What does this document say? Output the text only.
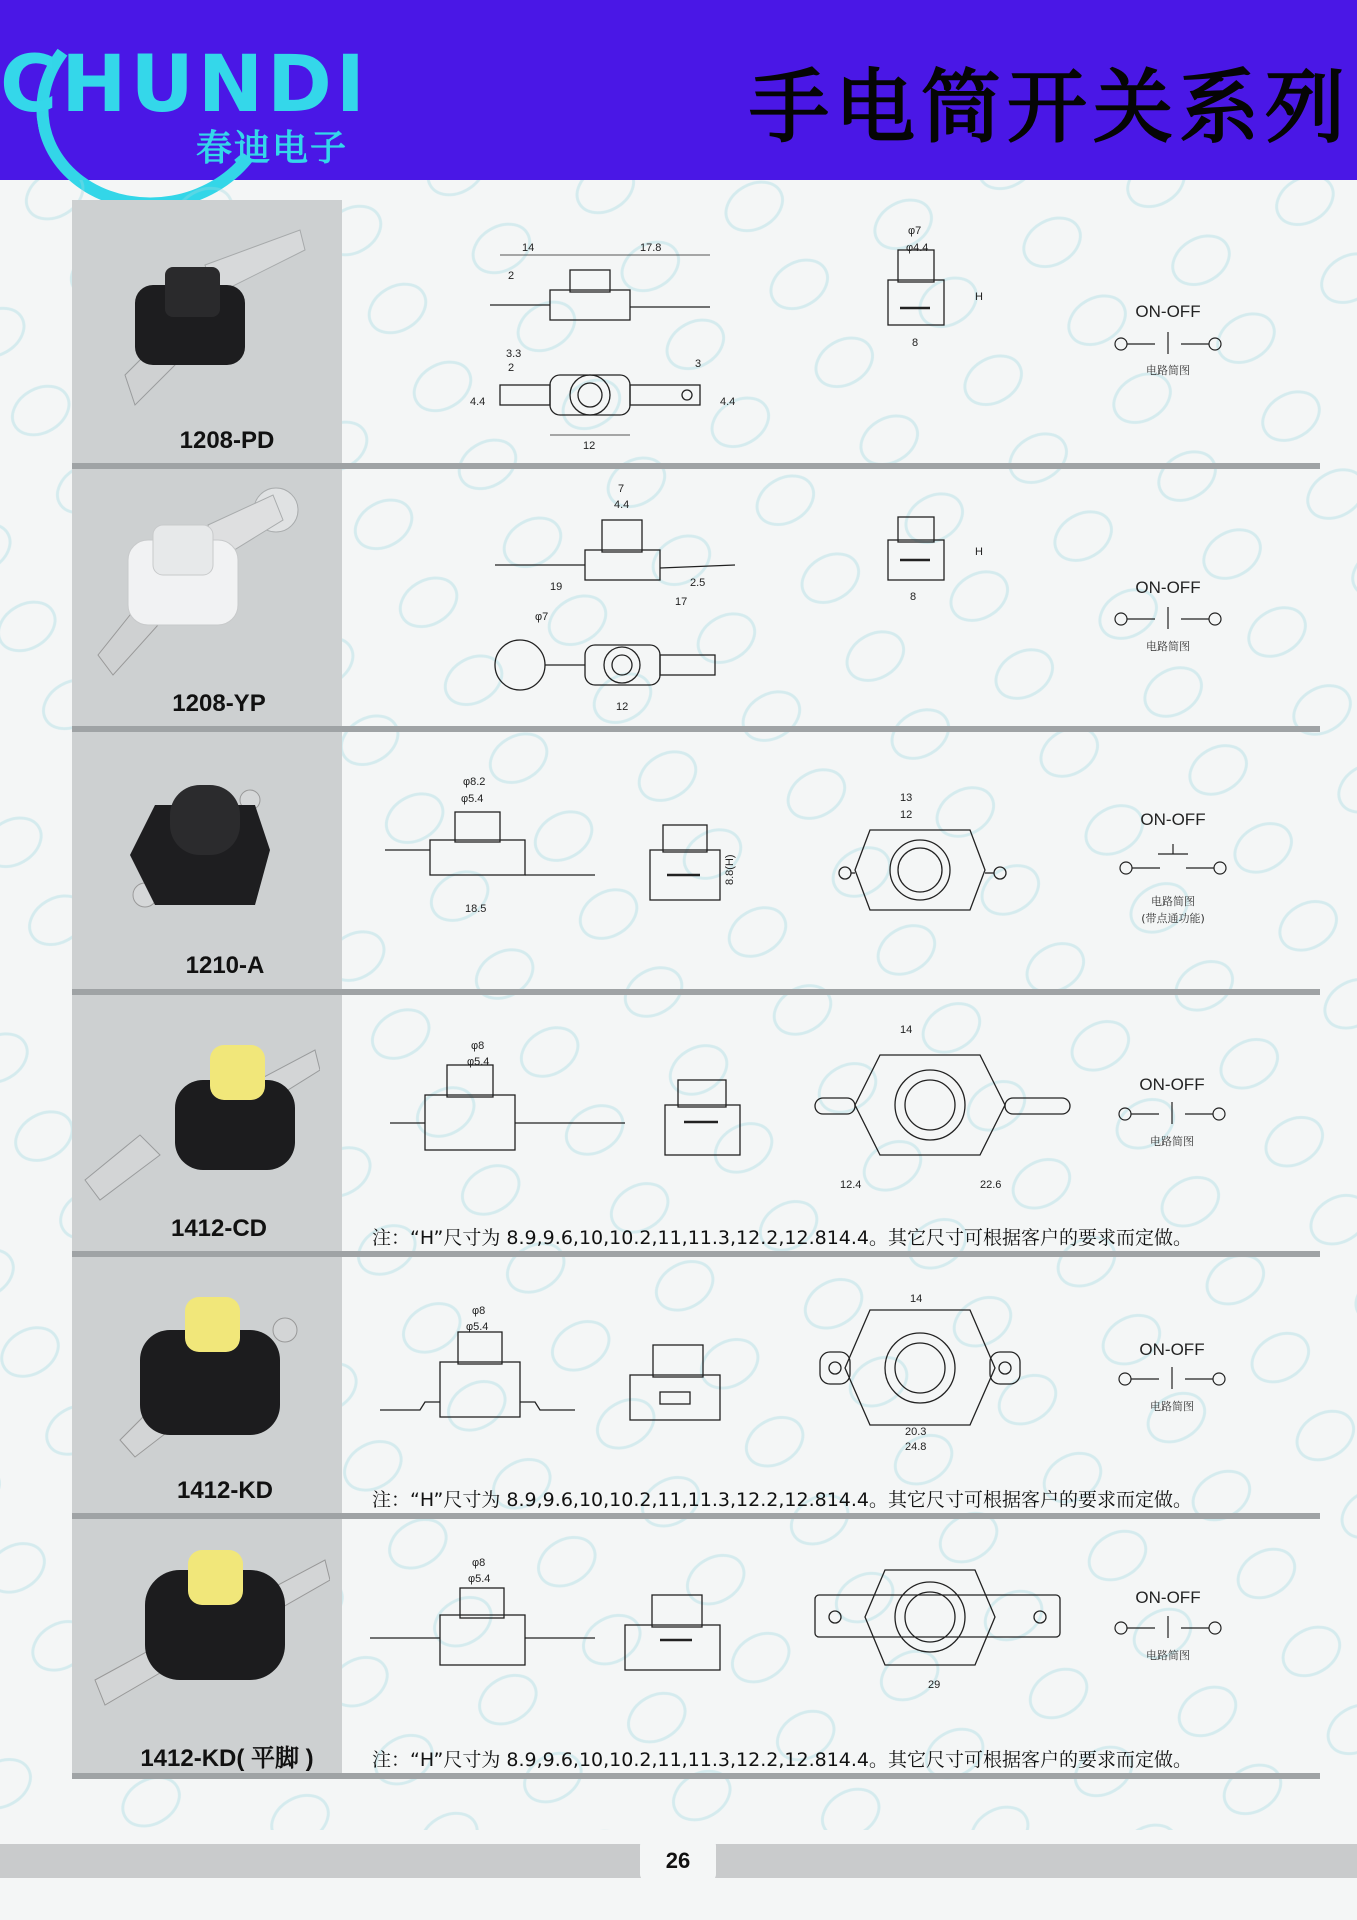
CHUNDI
春迪电子	手电筒开关系列
1208-PD
14	17.8
2
3.3
2	3
12
4.4	4.4
φ7
φ4.4
8
H
ON-OFF
电路简图
1208-YP
7
4.4
19
17
2.5
φ7
12
8
H
ON-OFF
电路简图
1210-A
φ8.2
φ5.4
18.5
8.8(H)
13
12	ON-OFF
电路简图
(带点通功能)
1412-CD
φ8
φ5.4
14
12.4	22.6
ON-OFF
电路简图
注：“H”尺寸为 8.9,9.6,10,10.2,11,11.3,12.2,12.814.4。其它尺寸可根据客户的要求而定做。
1412-KD
φ8
φ5.4
14
20.3
24.8
ON-OFF
电路简图
注：“H”尺寸为 8.9,9.6,10,10.2,11,11.3,12.2,12.814.4。其它尺寸可根据客户的要求而定做。
1412-KD( 平脚 )
φ8
φ5.4
29
ON-OFF
电路简图
注：“H”尺寸为 8.9,9.6,10,10.2,11,11.3,12.2,12.814.4。其它尺寸可根据客户的要求而定做。
26
